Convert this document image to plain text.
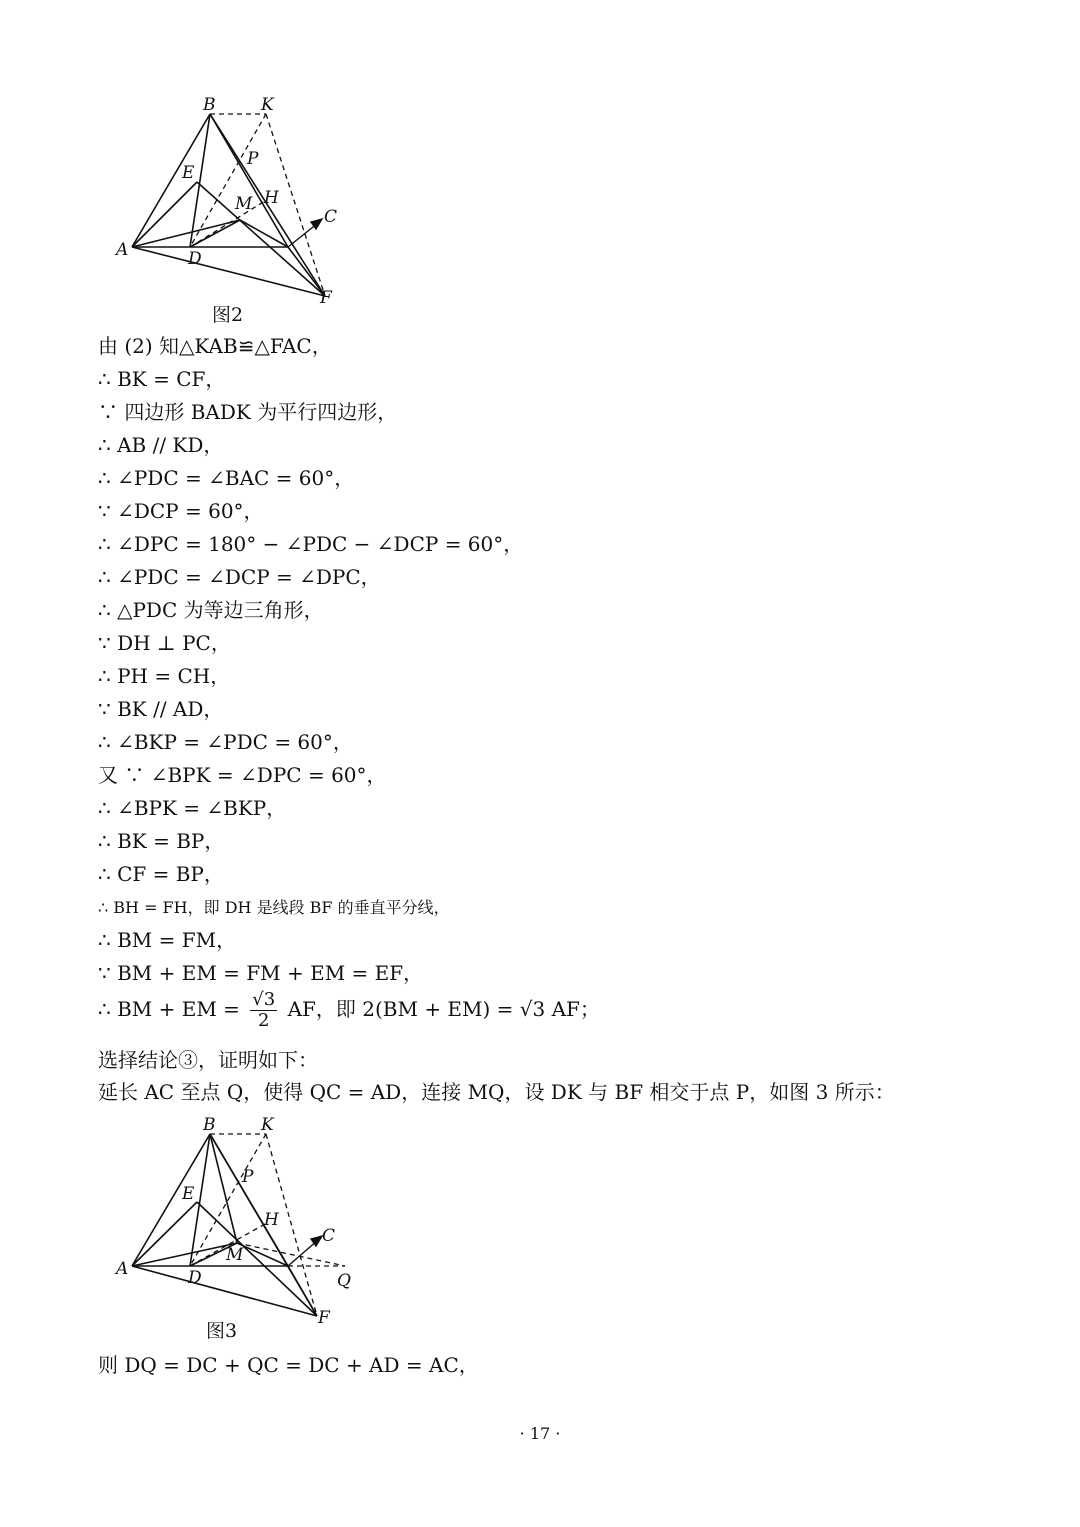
B	K
P
E
M H
C
A	D
F
图2
由 (2) 知△KAB≌△FAC，
∴ BK = CF，
∵ 四边形 BADK 为平行四边形，
∴ AB // KD，
∴ ∠PDC = ∠BAC = 60°，
∵ ∠DCP = 60°，
∴ ∠DPC = 180° − ∠PDC − ∠DCP = 60°，
∴ ∠PDC = ∠DCP = ∠DPC，
∴ △PDC 为等边三角形，
∵ DH ⊥ PC，
∴ PH = CH，
∵ BK // AD，
∴ ∠BKP = ∠PDC = 60°，
又 ∵ ∠BPK = ∠DPC = 60°，
∴ ∠BPK = ∠BKP，
∴ BK = BP，
∴ CF = BP，
∴ BH = FH，即 DH 是线段 BF 的垂直平分线，
∴ BM = FM，
∵ BM + EM = FM + EM = EF，
∴ BM + EM = $\frac{√3}{2}$ AF，即 2(BM + EM) = √3 AF；
选择结论③，证明如下：
延长 AC 至点 Q，使得 QC = AD，连接 MQ，设 DK 与 BF 相交于点 P，如图 3 所示：
B	K
P
E
H
C
M
A	D	Q
F
图3
则 DQ = DC + QC = DC + AD = AC，
· 17 ·
